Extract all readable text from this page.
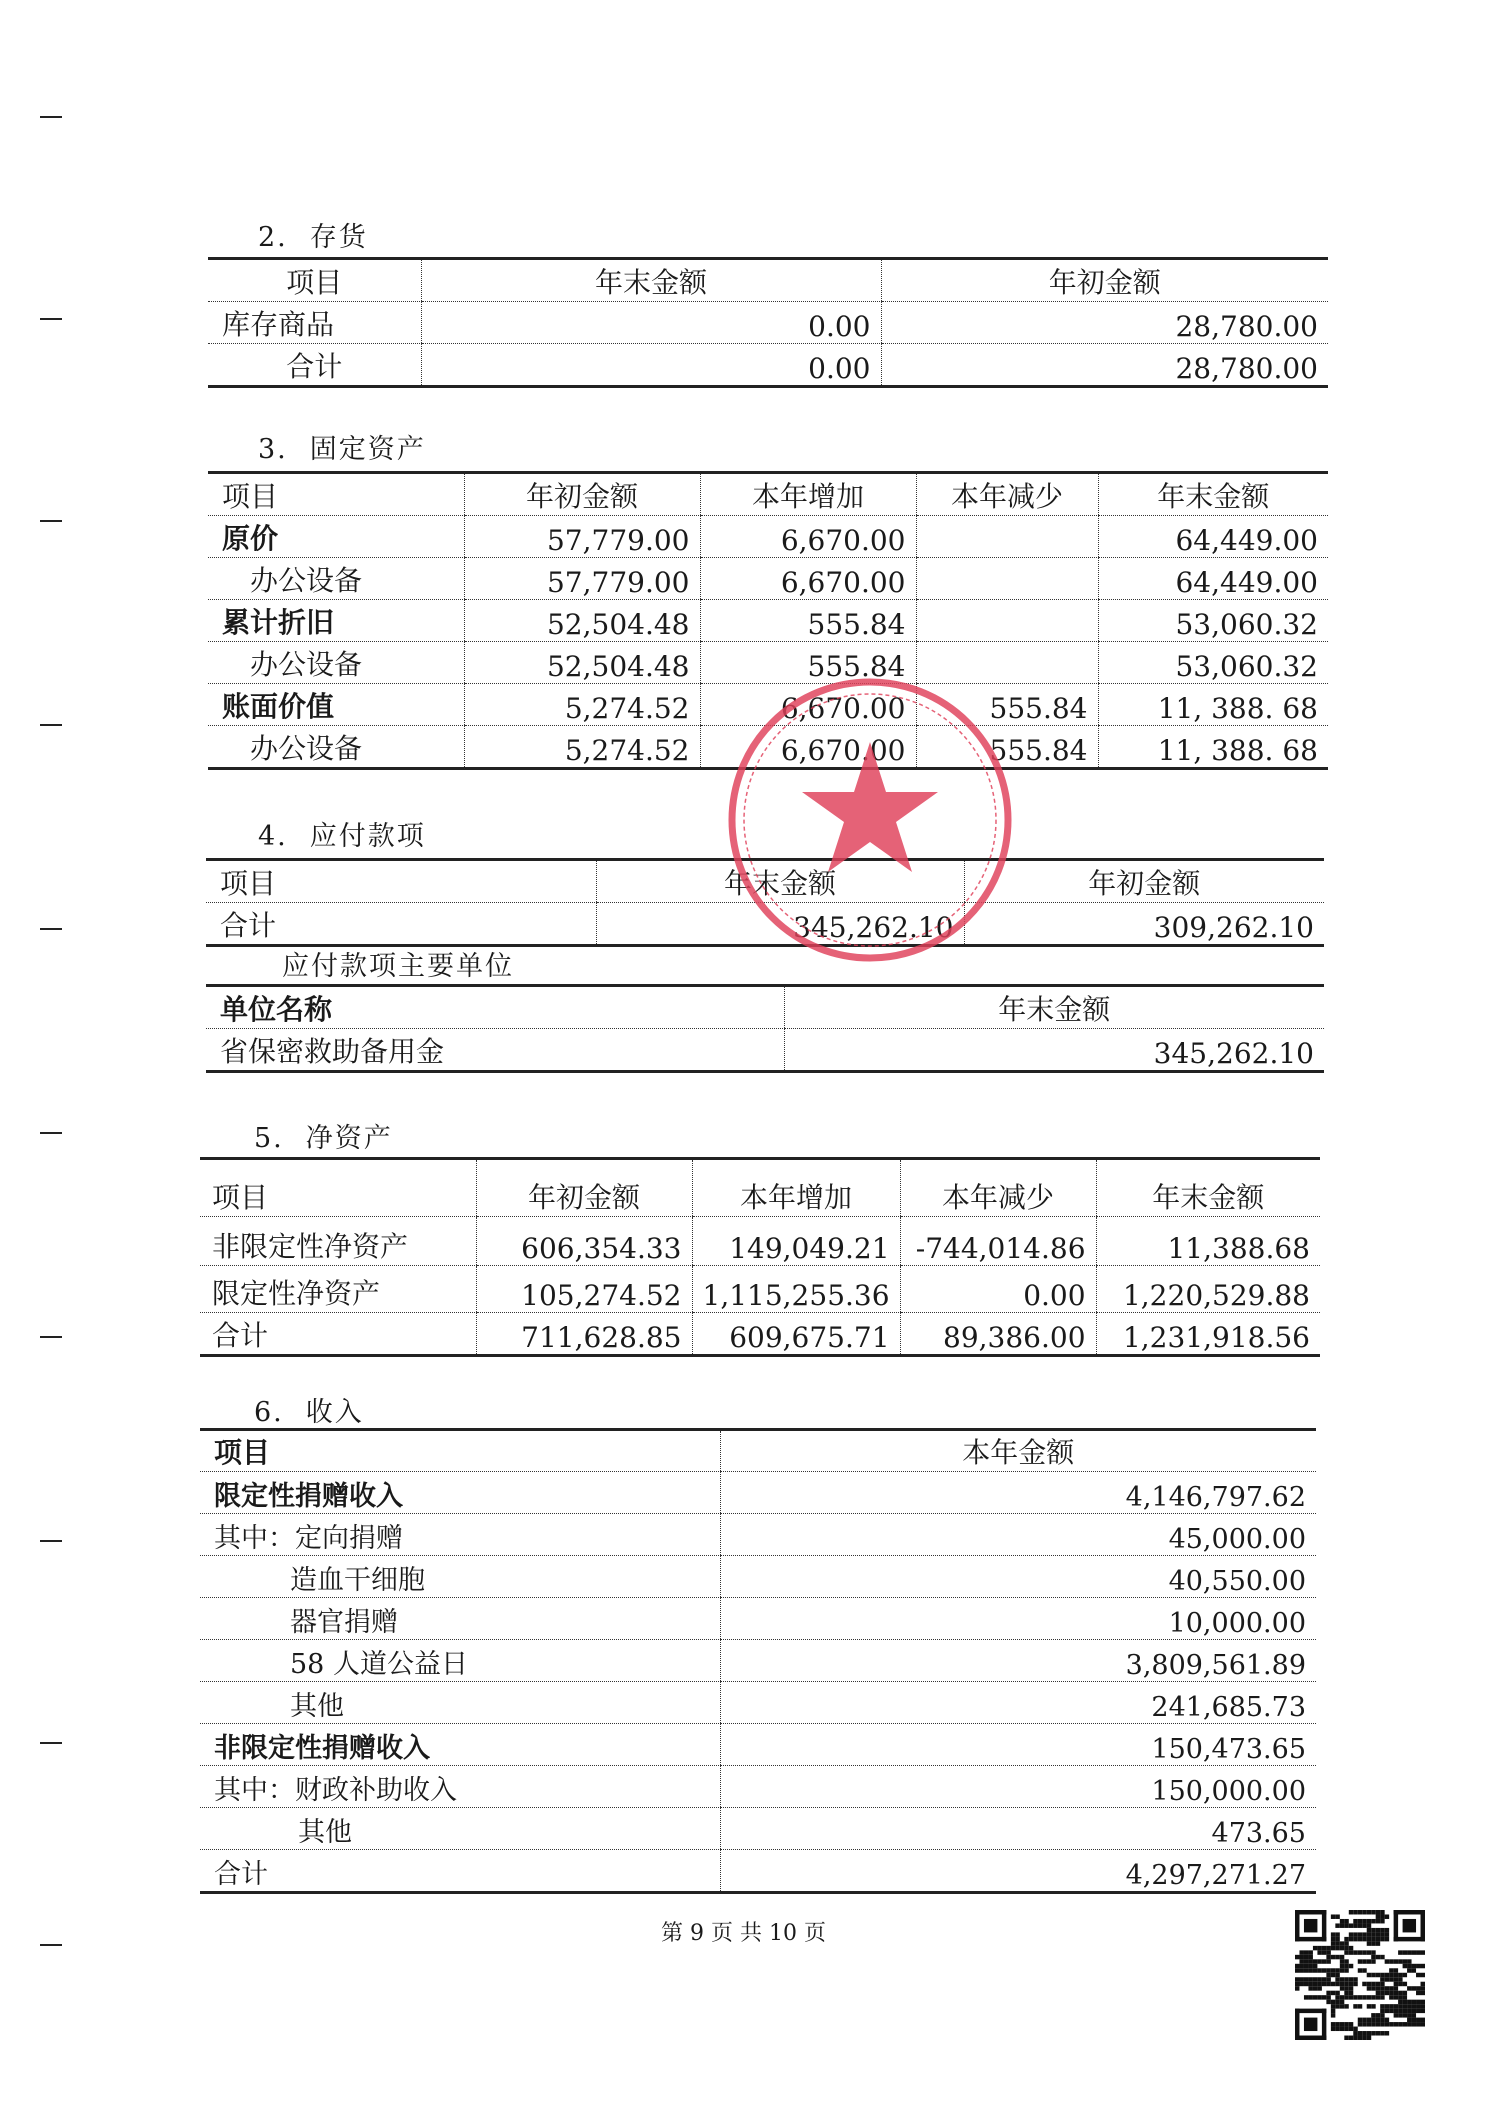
2. 存货
项目	年末金额	年初金额
库存商品	0.00	28,780.00
合计	0.00	28,780.00
3. 固定资产
项目	年初金额	本年增加	本年减少	年末金额
原价	57,779.00	6,670.00		64,449.00
办公设备	57,779.00	6,670.00		64,449.00
累计折旧	52,504.48	555.84		53,060.32
办公设备	52,504.48	555.84		53,060.32
账面价值	5,274.52	6,670.00	555.84	11, 388. 68
办公设备	5,274.52	6,670.00	555.84	11, 388. 68
4. 应付款项
项目	年末金额	年初金额
合计	345,262.10	309,262.10
应付款项主要单位
单位名称	年末金额
省保密救助备用金	345,262.10
5. 净资产
项目	年初金额	本年增加	本年减少	年末金额
非限定性净资产	606,354.33	149,049.21	-744,014.86	11,388.68
限定性净资产	105,274.52	1,115,255.36	0.00	1,220,529.88
合计	711,628.85	609,675.71	89,386.00	1,231,918.56
6. 收入
项目	本年金额
限定性捐赠收入	4,146,797.62
其中：定向捐赠	45,000.00
造血干细胞	40,550.00
器官捐赠	10,000.00
58 人道公益日	3,809,561.89
其他	241,685.73
非限定性捐赠收入	150,473.65
其中：财政补助收入	150,000.00
其他	473.65
合计	4,297,271.27
第 9 页 共 10 页
